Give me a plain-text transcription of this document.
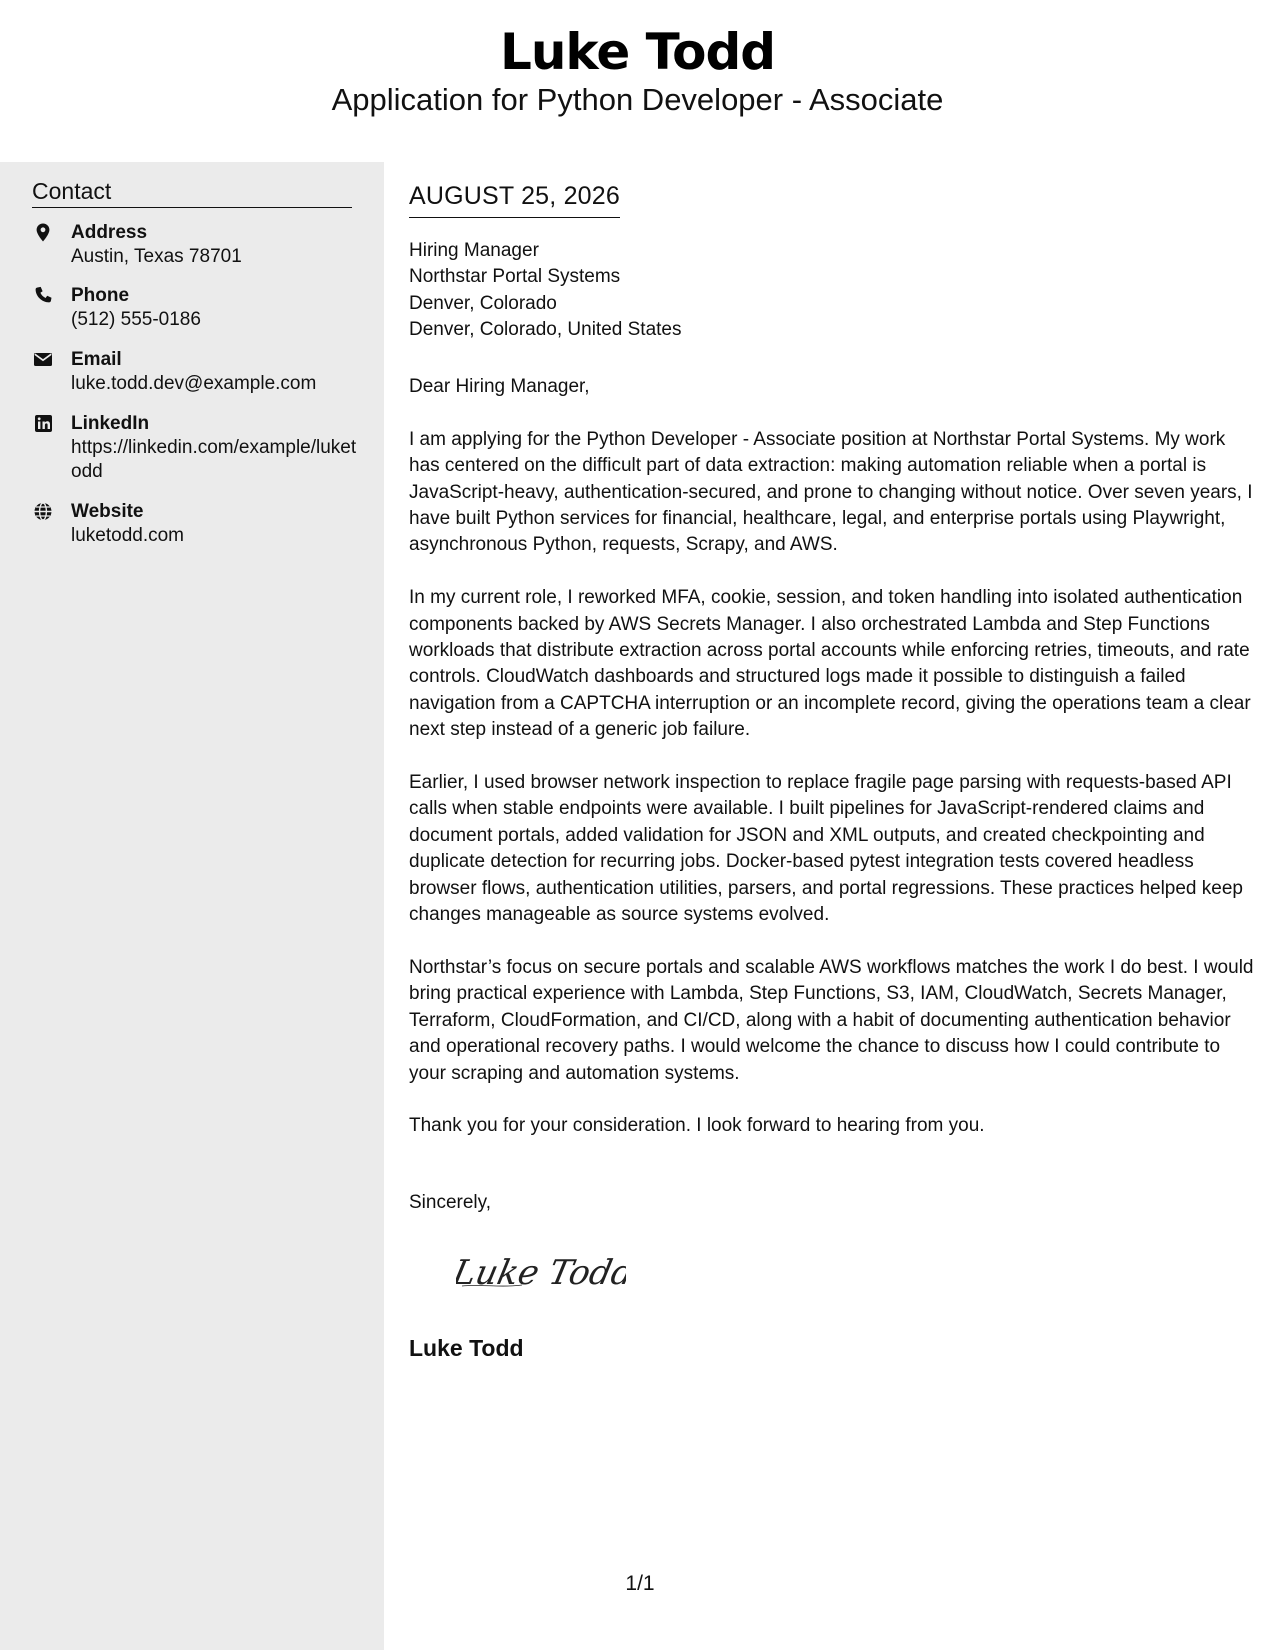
Luke Todd
Application for Python Developer - Associate
Contact
Address
Austin, Texas 78701
Phone
(512) 555-0186
Email
luke.todd.dev@example.com
LinkedIn
https://linkedin.com/example/luketodd
Website
luketodd.com
AUGUST 25, 2026
Hiring Manager
Northstar Portal Systems
Denver, Colorado
Denver, Colorado, United States

Dear Hiring Manager,

I am applying for the Python Developer - Associate position at Northstar Portal Systems. My work has centered on the difficult part of data extraction: making automation reliable when a portal is JavaScript-heavy, authentication-secured, and prone to changing without notice. Over seven years, I have built Python services for financial, healthcare, legal, and enterprise portals using Playwright, asynchronous Python, requests, Scrapy, and AWS.

In my current role, I reworked MFA, cookie, session, and token handling into isolated authentication components backed by AWS Secrets Manager. I also orchestrated Lambda and Step Functions workloads that distribute extraction across portal accounts while enforcing retries, timeouts, and rate controls. CloudWatch dashboards and structured logs made it possible to distinguish a failed navigation from a CAPTCHA interruption or an incomplete record, giving the operations team a clear next step instead of a generic job failure.

Earlier, I used browser network inspection to replace fragile page parsing with requests-based API calls when stable endpoints were available. I built pipelines for JavaScript-rendered claims and document portals, added validation for JSON and XML outputs, and created checkpointing and duplicate detection for recurring jobs. Docker-based pytest integration tests covered headless browser flows, authentication utilities, parsers, and portal regressions. These practices helped keep changes manageable as source systems evolved.

Northstar’s focus on secure portals and scalable AWS workflows matches the work I do best. I would bring practical experience with Lambda, Step Functions, S3, IAM, CloudWatch, Secrets Manager, Terraform, CloudFormation, and CI/CD, along with a habit of documenting authentication behavior and operational recovery paths. I would welcome the chance to discuss how I could contribute to your scraping and automation systems.

Thank you for your consideration. I look forward to hearing from you.

Sincerely,

Luke Todd
Luke Todd
1/1
